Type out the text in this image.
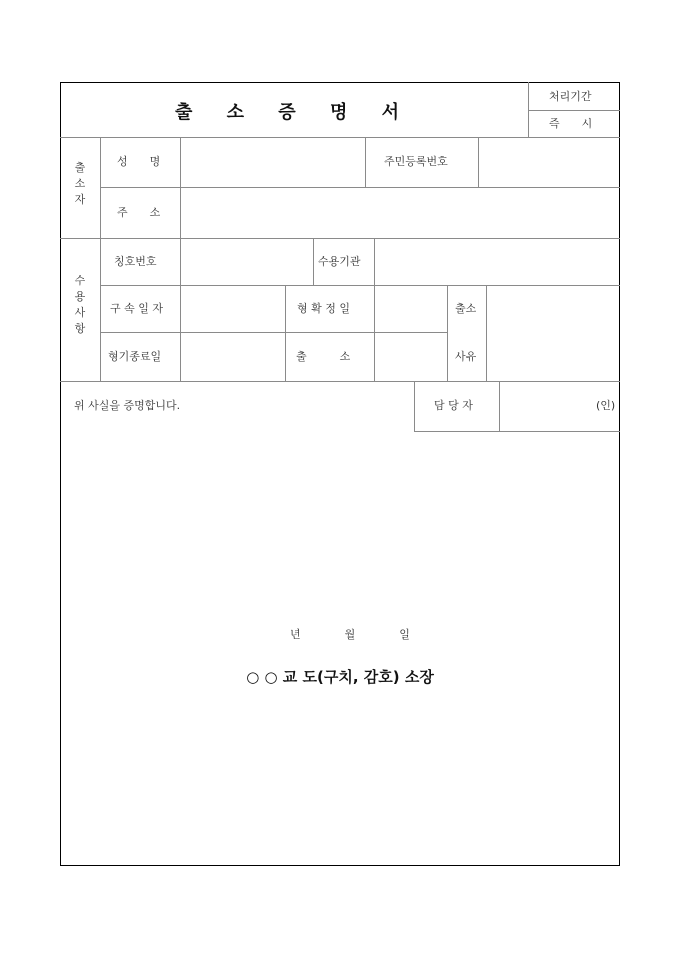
출 소 증 명 서
처리기간
즉　　시
출
소
자
수
용
사
항
성　　명	주민등록번호
주　　소
칭호번호	수용기관
구 속 일 자	형 확 정 일	출소
형기종료일	출　　　소	사유
위 사실을 증명합니다.	담 당 자	(인)
년　　　　월　　　　일
○ ○ 교 도(구치, 감호) 소장
